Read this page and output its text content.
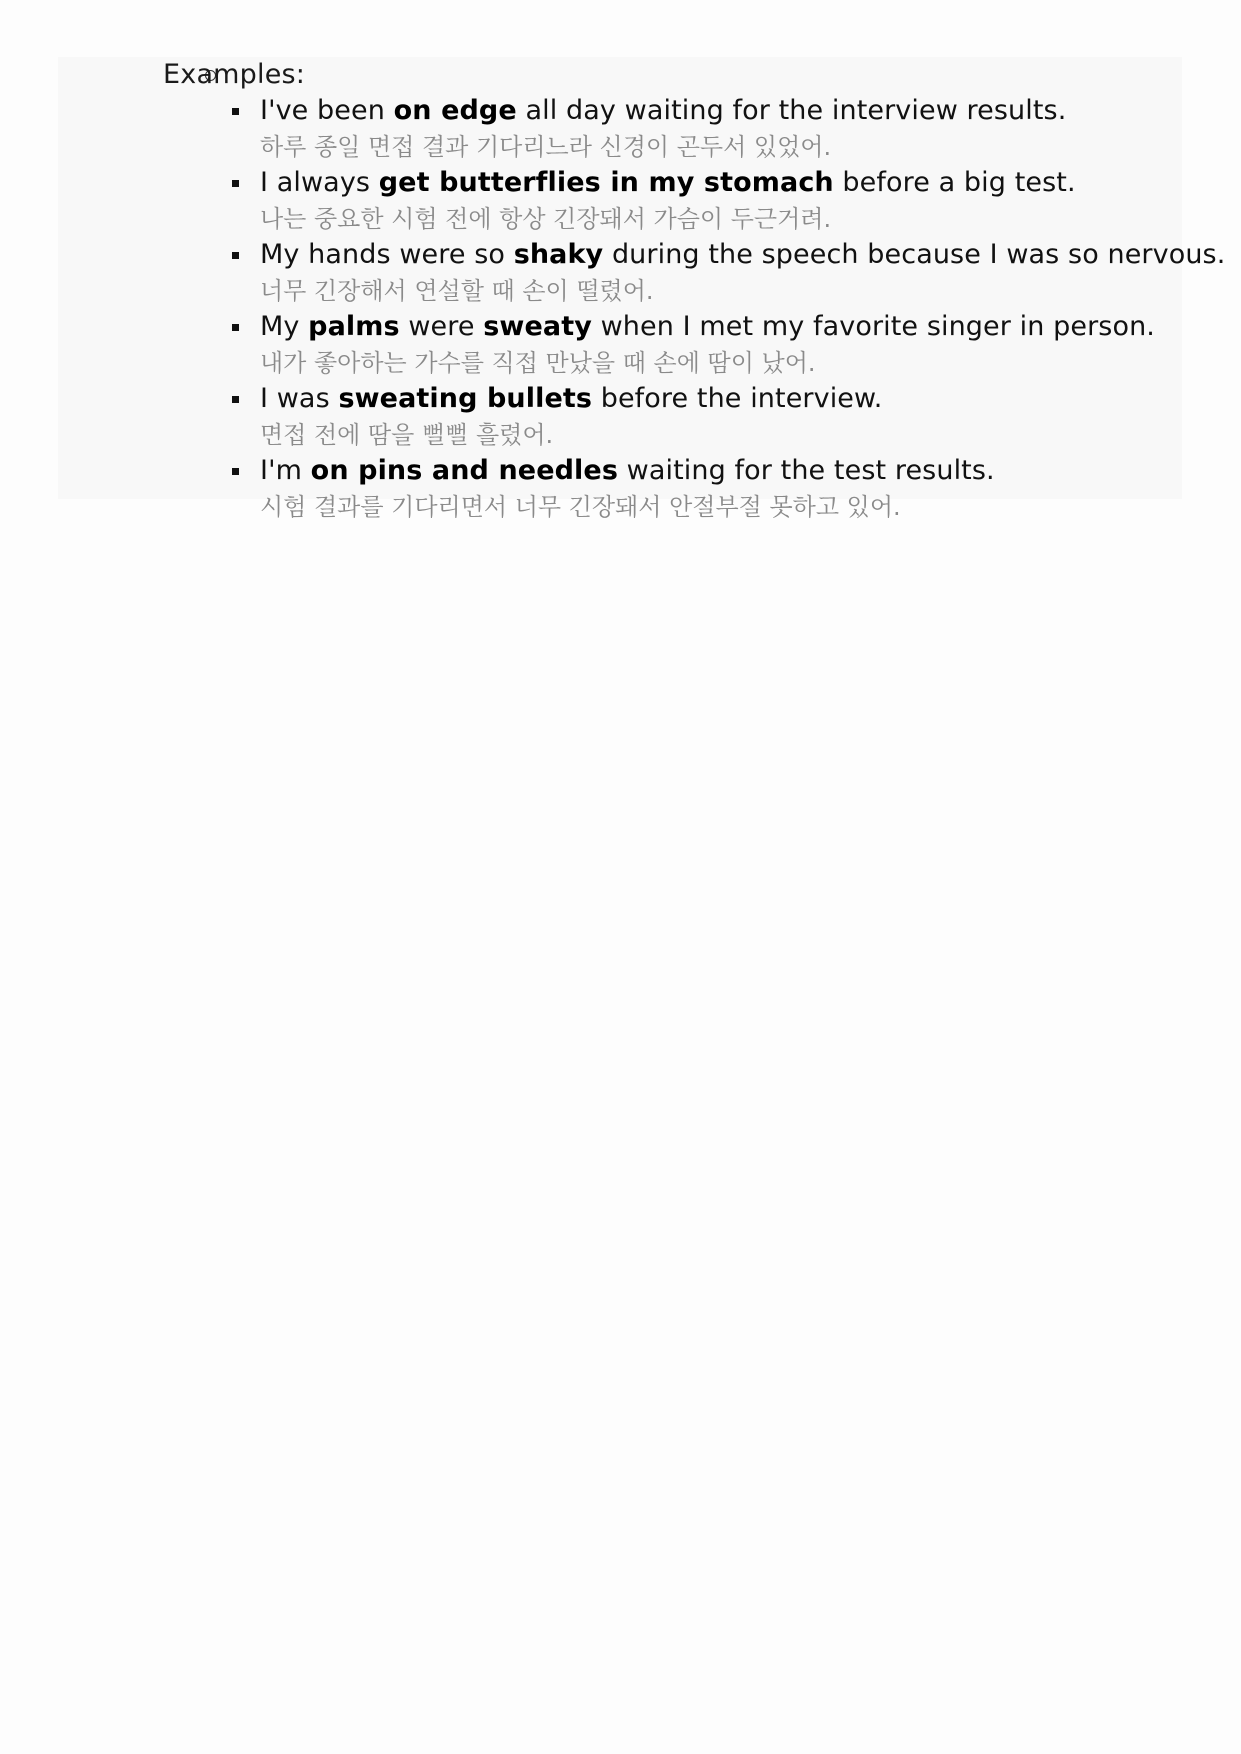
Examples:
I've been on edge all day waiting for the interview results.
하루 종일 면접 결과 기다리느라 신경이 곤두서 있었어.
I always get butterflies in my stomach before a big test.
나는 중요한 시험 전에 항상 긴장돼서 가슴이 두근거려.
My hands were so shaky during the speech because I was so nervous.
너무 긴장해서 연설할 때 손이 떨렸어.
My palms were sweaty when I met my favorite singer in person.
내가 좋아하는 가수를 직접 만났을 때 손에 땀이 났어.
I was sweating bullets before the interview.
면접 전에 땀을 뻘뻘 흘렸어.
I'm on pins and needles waiting for the test results.
시험 결과를 기다리면서 너무 긴장돼서 안절부절 못하고 있어.
